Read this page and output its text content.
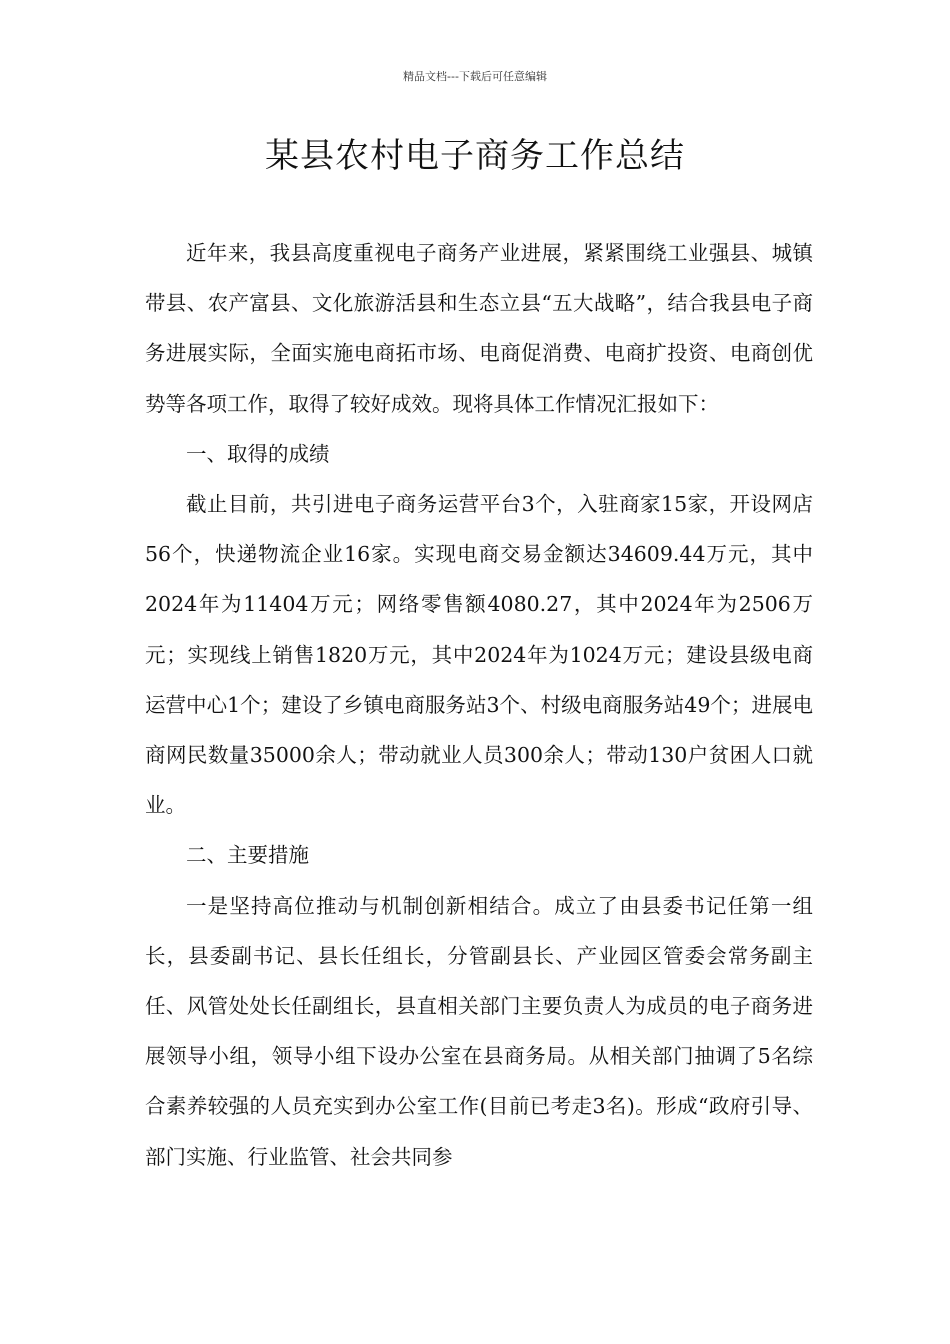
精品文档---下载后可任意编辑
某县农村电子商务工作总结

近年来，我县高度重视电子商务产业进展，紧紧围绕工业强县、城镇带县、农产富县、文化旅游活县和生态立县“五大战略”，结合我县电子商务进展实际，全面实施电商拓市场、电商促消费、电商扩投资、电商创优势等各项工作，取得了较好成效。现将具体工作情况汇报如下：

一、取得的成绩

截止目前，共引进电子商务运营平台3个，入驻商家15家，开设网店56个，快递物流企业16家。实现电商交易金额达34609.44万元，其中2024年为11404万元；网络零售额4080.27，其中2024年为2506万元；实现线上销售1820万元，其中2024年为1024万元；建设县级电商运营中心1个；建设了乡镇电商服务站3个、村级电商服务站49个；进展电商网民数量35000余人；带动就业人员300余人；带动130户贫困人口就业。

二、主要措施

一是坚持高位推动与机制创新相结合。成立了由县委书记任第一组长，县委副书记、县长任组长，分管副县长、产业园区管委会常务副主任、风管处处长任副组长，县直相关部门主要负责人为成员的电子商务进展领导小组，领导小组下设办公室在县商务局。从相关部门抽调了5名综合素养较强的人员充实到办公室工作(目前已考走3名)。形成“政府引导、部门实施、行业监管、社会共同参
